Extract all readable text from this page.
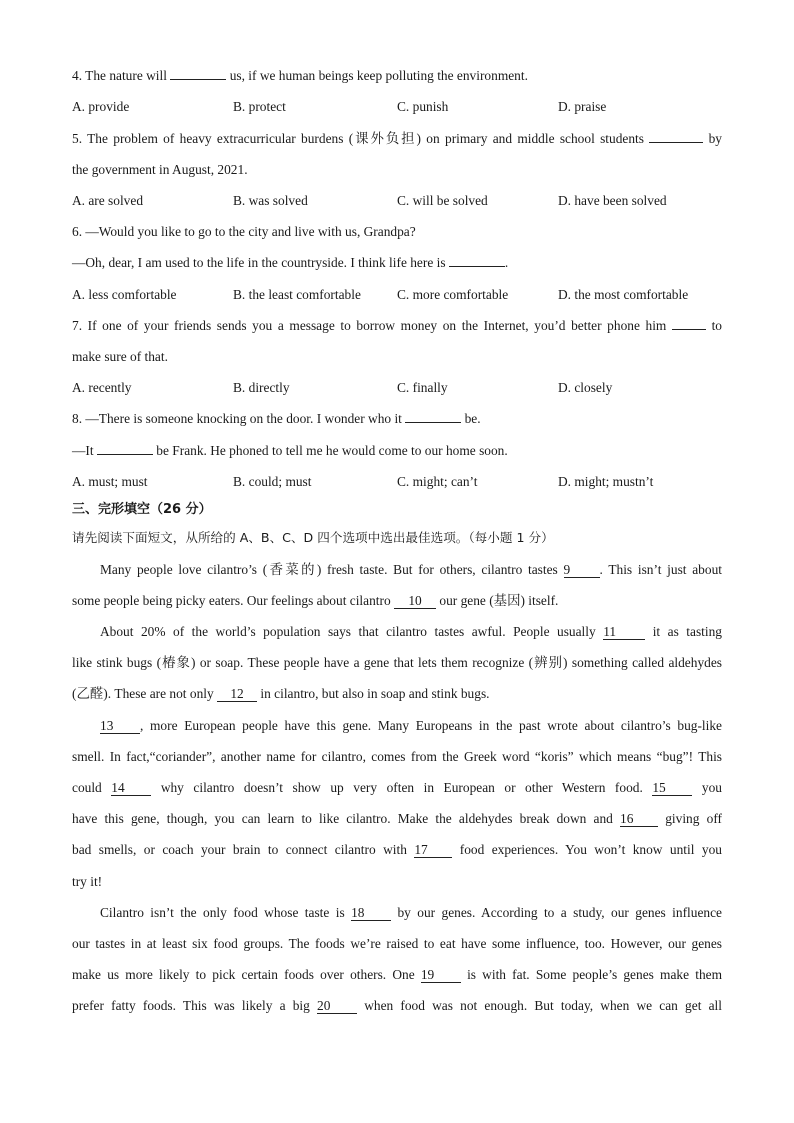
4. The nature will	us, if we human beings keep polluting the environment.
A. provide	B. protect	C. punish	D. praise
5. The problem of heavy extracurricular burdens (课外负担) on primary and middle school students	by
the government in August, 2021.
A. are solved	B. was solved	C. will be solved	D. have been solved
6. —Would you like to go to the city and live with us, Grandpa?
—Oh, dear, I am used to the life in the countryside. I think life here is	.
A. less comfortable	B. the least comfortable	C. more comfortable	D. the most comfortable
7. If one of your friends sends you a message to borrow money on the Internet, you’d better phone him	to
make sure of that.
A. recently	B. directly	C. finally	D. closely
8. —There is someone knocking on the door. I wonder who it	be.
—It	be Frank. He phoned to tell me he would come to our home soon.
A. must; must	B. could; must	C. might; can’t	D. might; mustn’t
三、完形填空（26 分）
请先阅读下面短文，从所给的 A、B、C、D 四个选项中选出最佳选项。（每小题 1 分）
Many people love cilantro’s (香菜的) fresh taste. But for others, cilantro tastes 9 . This isn’t just about
some people being picky eaters. Our feelings about cilantro 10 our gene (基因) itself.
About 20% of the world’s population says that cilantro tastes awful. People usually 11	it as tasting
like stink bugs (椿象) or soap. These people have a gene that lets them recognize (辨别) something called aldehydes
(乙醛). These are not only 12 in cilantro, but also in soap and stink bugs.
13 , more European people have this gene. Many Europeans in the past wrote about cilantro’s bug-like
smell. In fact,“coriander”, another name for cilantro, comes from the Greek word “koris” which means “bug”! This
could 14	why cilantro doesn’t show up very often in European or other Western food. 15	you
have this gene, though, you can learn to like cilantro. Make the aldehydes break down and 16 giving off
bad smells, or coach your brain to connect cilantro with 17 food experiences. You won’t know until you
try it!
Cilantro isn’t the only food whose taste is 18 by our genes. According to a study, our genes influence
our tastes in at least six food groups. The foods we’re raised to eat have some influence, too. However, our genes
make us more likely to pick certain foods over others. One 19 is with fat. Some people’s genes make them
prefer fatty foods. This was likely a big 20	when food was not enough. But today, when we can get all
